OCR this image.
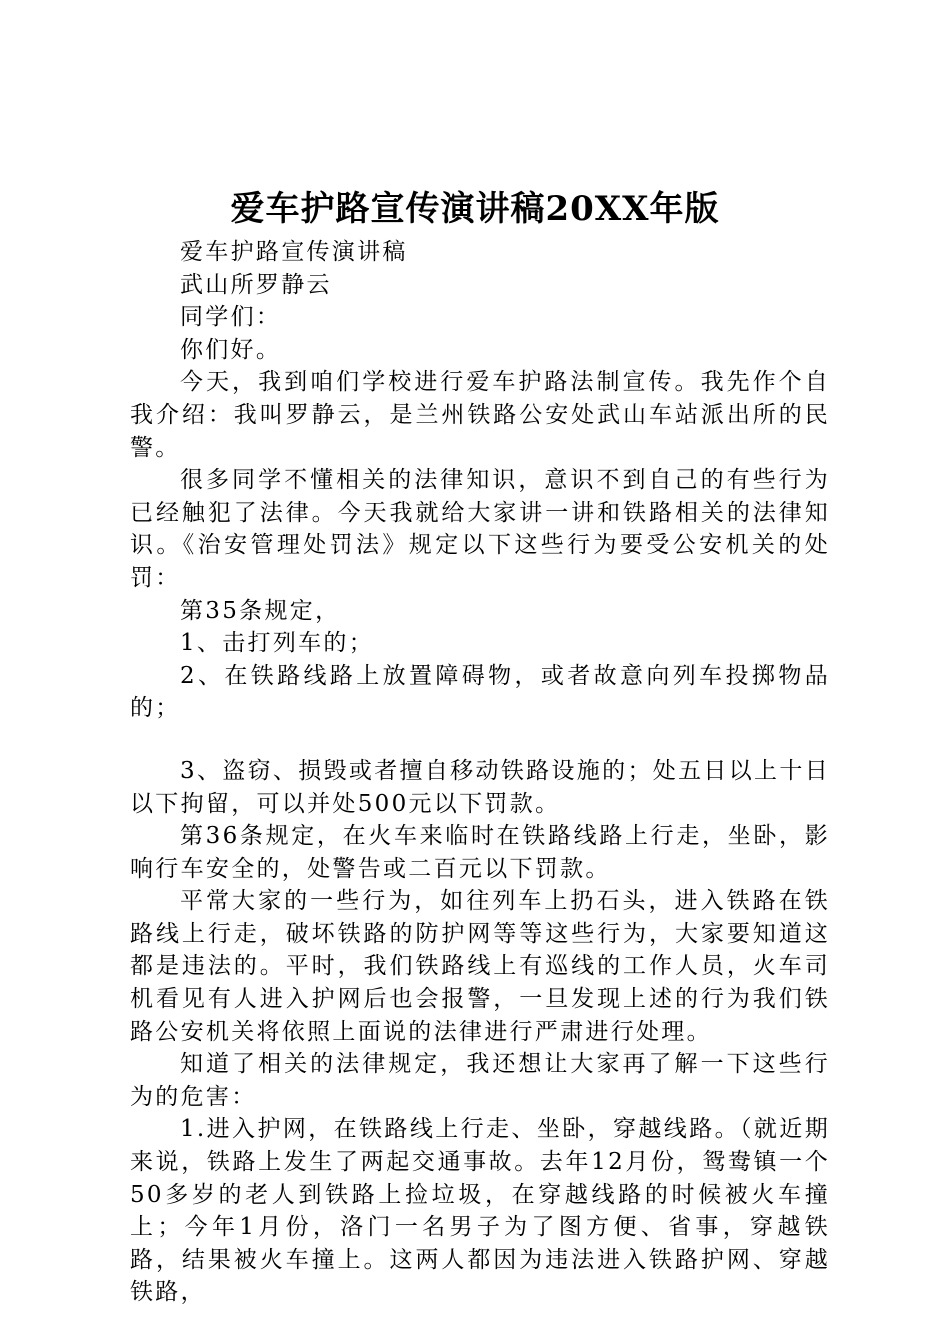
爱车护路宣传演讲稿20XX年版

爱车护路宣传演讲稿

武山所罗静云

同学们：

你们好。

今天，我到咱们学校进行爱车护路法制宣传。我先作个自我介绍：我叫罗静云，是兰州铁路公安处武山车站派出所的民警。

很多同学不懂相关的法律知识，意识不到自己的有些行为已经触犯了法律。今天我就给大家讲一讲和铁路相关的法律知识。《治安管理处罚法》规定以下这些行为要受公安机关的处罚：

第35条规定，

1、击打列车的；

2、在铁路线路上放置障碍物，或者故意向列车投掷物品的；

3、盗窃、损毁或者擅自移动铁路设施的；处五日以上十日以下拘留，可以并处500元以下罚款。

第36条规定，在火车来临时在铁路线路上行走，坐卧，影响行车安全的，处警告或二百元以下罚款。

平常大家的一些行为，如往列车上扔石头，进入铁路在铁路线上行走，破坏铁路的防护网等等这些行为，大家要知道这都是违法的。平时，我们铁路线上有巡线的工作人员，火车司机看见有人进入护网后也会报警，一旦发现上述的行为我们铁路公安机关将依照上面说的法律进行严肃进行处理。

知道了相关的法律规定，我还想让大家再了解一下这些行为的危害：

1.进入护网，在铁路线上行走、坐卧，穿越线路。（就近期来说，铁路上发生了两起交通事故。去年12月份，鸳鸯镇一个50多岁的老人到铁路上捡垃圾，在穿越线路的时候被火车撞上；今年1月份，洛门一名男子为了图方便、省事，穿越铁路，结果被火车撞上。这两人都因为违法进入铁路护网、穿越铁路，
